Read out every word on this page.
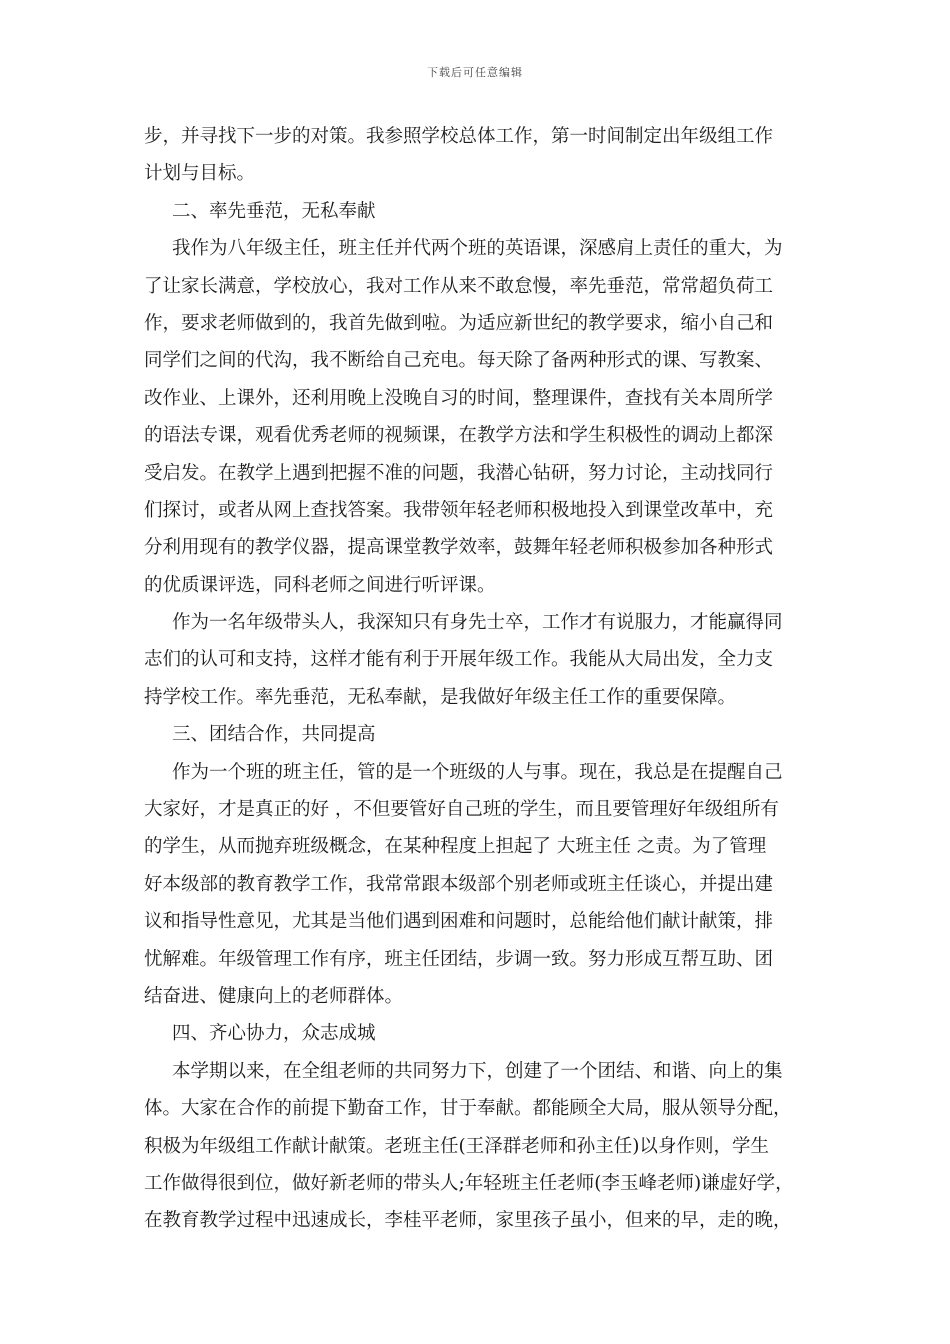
下载后可任意编辑
步，并寻找下一步的对策。我参照学校总体工作，第一时间制定出年级组工作
计划与目标。
二、率先垂范，无私奉献
我作为八年级主任，班主任并代两个班的英语课，深感肩上责任的重大，为
了让家长满意，学校放心，我对工作从来不敢怠慢，率先垂范，常常超负荷工
作，要求老师做到的，我首先做到啦。为适应新世纪的教学要求，缩小自己和
同学们之间的代沟，我不断给自己充电。每天除了备两种形式的课、写教案、
改作业、上课外，还利用晚上没晚自习的时间，整理课件，查找有关本周所学
的语法专课，观看优秀老师的视频课，在教学方法和学生积极性的调动上都深
受启发。在教学上遇到把握不准的问题，我潜心钻研，努力讨论，主动找同行
们探讨，或者从网上查找答案。我带领年轻老师积极地投入到课堂改革中，充
分利用现有的教学仪器，提高课堂教学效率，鼓舞年轻老师积极参加各种形式
的优质课评选，同科老师之间进行听评课。
作为一名年级带头人，我深知只有身先士卒，工作才有说服力，才能赢得同
志们的认可和支持，这样才能有利于开展年级工作。我能从大局出发，全力支
持学校工作。率先垂范，无私奉献，是我做好年级主任工作的重要保障。
三、团结合作，共同提高
作为一个班的班主任，管的是一个班级的人与事。现在，我总是在提醒自己
大家好，才是真正的好 ，不但要管好自己班的学生，而且要管理好年级组所有
的学生，从而抛弃班级概念，在某种程度上担起了 大班主任 之责。为了管理
好本级部的教育教学工作，我常常跟本级部个别老师或班主任谈心，并提出建
议和指导性意见，尤其是当他们遇到困难和问题时，总能给他们献计献策，排
忧解难。年级管理工作有序，班主任团结，步调一致。努力形成互帮互助、团
结奋进、健康向上的老师群体。
四、齐心协力，众志成城
本学期以来，在全组老师的共同努力下，创建了一个团结、和谐、向上的集
体。大家在合作的前提下勤奋工作，甘于奉献。都能顾全大局，服从领导分配，
积极为年级组工作献计献策。老班主任(王泽群老师和孙主任)以身作则，学生
工作做得很到位，做好新老师的带头人;年轻班主任老师(李玉峰老师)谦虚好学，
在教育教学过程中迅速成长，李桂平老师，家里孩子虽小，但来的早，走的晚，
